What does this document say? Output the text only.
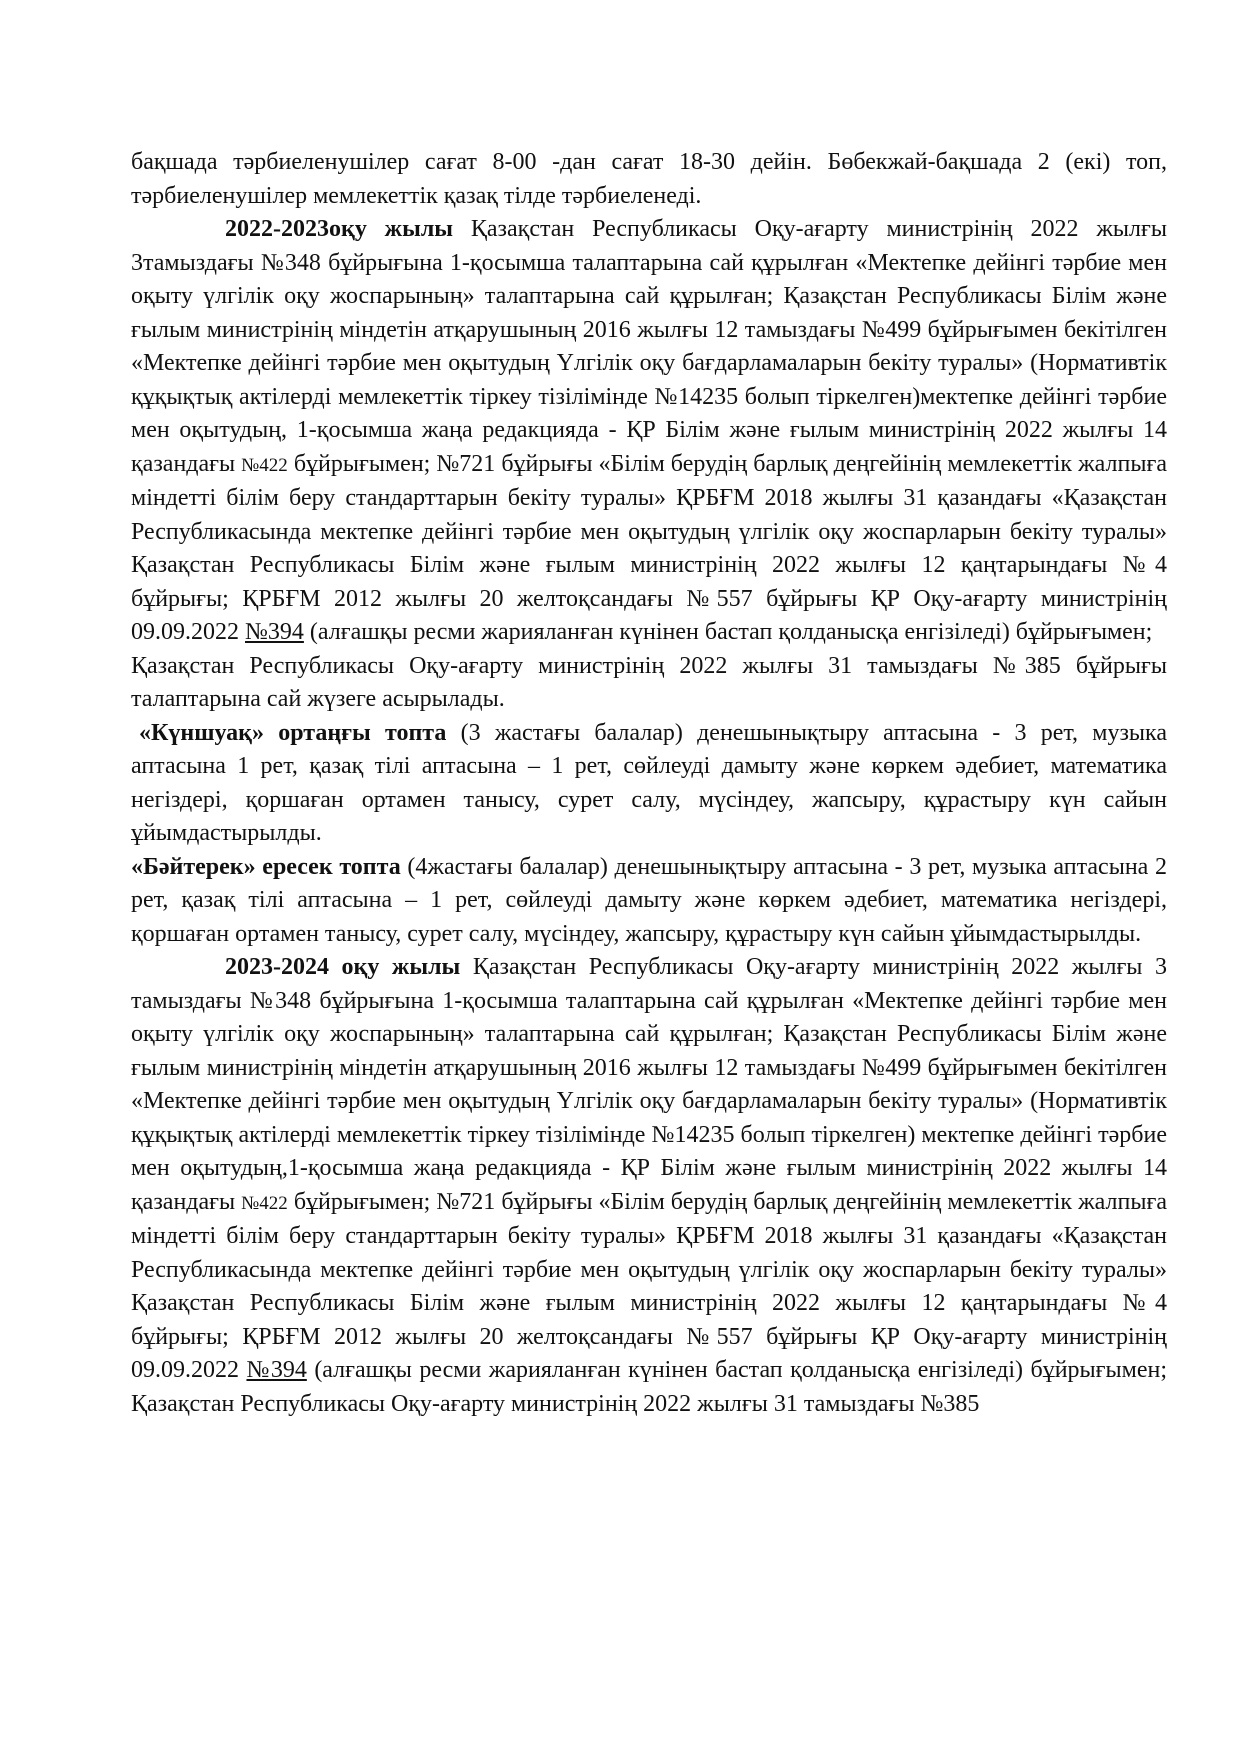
бақшада тәрбиеленушілер сағат 8-00 -дан сағат 18-30 дейін. Бөбекжай-бақшада 2 (екі) топ, тәрбиеленушілер мемлекеттік қазақ тілде тәрбиеленеді.

2022-2023оқу жылы Қазақстан Республикасы Оқу-ағарту министрінің 2022 жылғы 3тамыздағы №348 бұйрығына 1-қосымша талаптарына сай құрылған «Мектепке дейінгі тәрбие мен оқыту үлгілік оқу жоспарының» талаптарына сай құрылған; Қазақстан Республикасы Білім және ғылым министрінің міндетін атқарушының 2016 жылғы 12 тамыздағы №499 бұйрығымен бекітілген «Мектепке дейінгі тәрбие мен оқытудың Үлгілік оқу бағдарламаларын бекіту туралы» (Нормативтік құқықтық актілерді мемлекеттік тіркеу тізілімінде №14235 болып тіркелген)мектепке дейінгі тәрбие мен оқытудың, 1-қосымша жаңа редакцияда - ҚР Білім және ғылым министрінің 2022 жылғы 14 қазандағы №422 бұйрығымен; №721 бұйрығы «Білім берудің барлық деңгейінің мемлекеттік жалпыға міндетті білім беру стандарттарын бекіту туралы» ҚРБҒМ 2018 жылғы 31 қазандағы «Қазақстан Республикасында мектепке дейінгі тәрбие мен оқытудың үлгілік оқу жоспарларын бекіту туралы» Қазақстан Республикасы Білім және ғылым министрінің 2022 жылғы 12 қаңтарындағы №4 бұйрығы; ҚРБҒМ 2012 жылғы 20 желтоқсандағы №557 бұйрығы ҚР Оқу-ағарту министрінің 09.09.2022 №394 (алғашқы ресми жарияланған күнінен бастап қолданысқа енгізіледі) бұйрығымен;

Қазақстан Республикасы Оқу-ағарту министрінің 2022 жылғы 31 тамыздағы №385 бұйрығы талаптарына сай жүзеге асырылады.

«Күншуақ» ортаңғы топта (3 жастағы балалар) денешынықтыру аптасына - 3 рет, музыка аптасына 1 рет, қазақ тілі аптасына – 1 рет, сөйлеуді дамыту және көркем әдебиет, математика негіздері, қоршаған ортамен танысу, сурет салу, мүсіндеу, жапсыру, құрастыру күн сайын ұйымдастырылды.

«Бәйтерек» ересек топта (4жастағы балалар) денешынықтыру аптасына - 3 рет, музыка аптасына 2 рет, қазақ тілі аптасына – 1 рет, сөйлеуді дамыту және көркем әдебиет, математика негіздері, қоршаған ортамен танысу, сурет салу, мүсіндеу, жапсыру, құрастыру күн сайын ұйымдастырылды.

2023-2024 оқу жылы Қазақстан Республикасы Оқу-ағарту министрінің 2022 жылғы 3 тамыздағы №348 бұйрығына 1-қосымша талаптарына сай құрылған «Мектепке дейінгі тәрбие мен оқыту үлгілік оқу жоспарының» талаптарына сай құрылған; Қазақстан Республикасы Білім және ғылым министрінің міндетін атқарушының 2016 жылғы 12 тамыздағы №499 бұйрығымен бекітілген «Мектепке дейінгі тәрбие мен оқытудың Үлгілік оқу бағдарламаларын бекіту туралы» (Нормативтік құқықтық актілерді мемлекеттік тіркеу тізілімінде №14235 болып тіркелген) мектепке дейінгі тәрбие мен оқытудың,1-қосымша жаңа редакцияда - ҚР Білім және ғылым министрінің 2022 жылғы 14 қазандағы №422 бұйрығымен; №721 бұйрығы «Білім берудің барлық деңгейінің мемлекеттік жалпыға міндетті білім беру стандарттарын бекіту туралы» ҚРБҒМ 2018 жылғы 31 қазандағы «Қазақстан Республикасында мектепке дейінгі тәрбие мен оқытудың үлгілік оқу жоспарларын бекіту туралы» Қазақстан Республикасы Білім және ғылым министрінің 2022 жылғы 12 қаңтарындағы №4 бұйрығы; ҚРБҒМ 2012 жылғы 20 желтоқсандағы №557 бұйрығы ҚР Оқу-ағарту министрінің 09.09.2022 №394 (алғашқы ресми жарияланған күнінен бастап қолданысқа енгізіледі) бұйрығымен; Қазақстан Республикасы Оқу-ағарту министрінің 2022 жылғы 31 тамыздағы №385
